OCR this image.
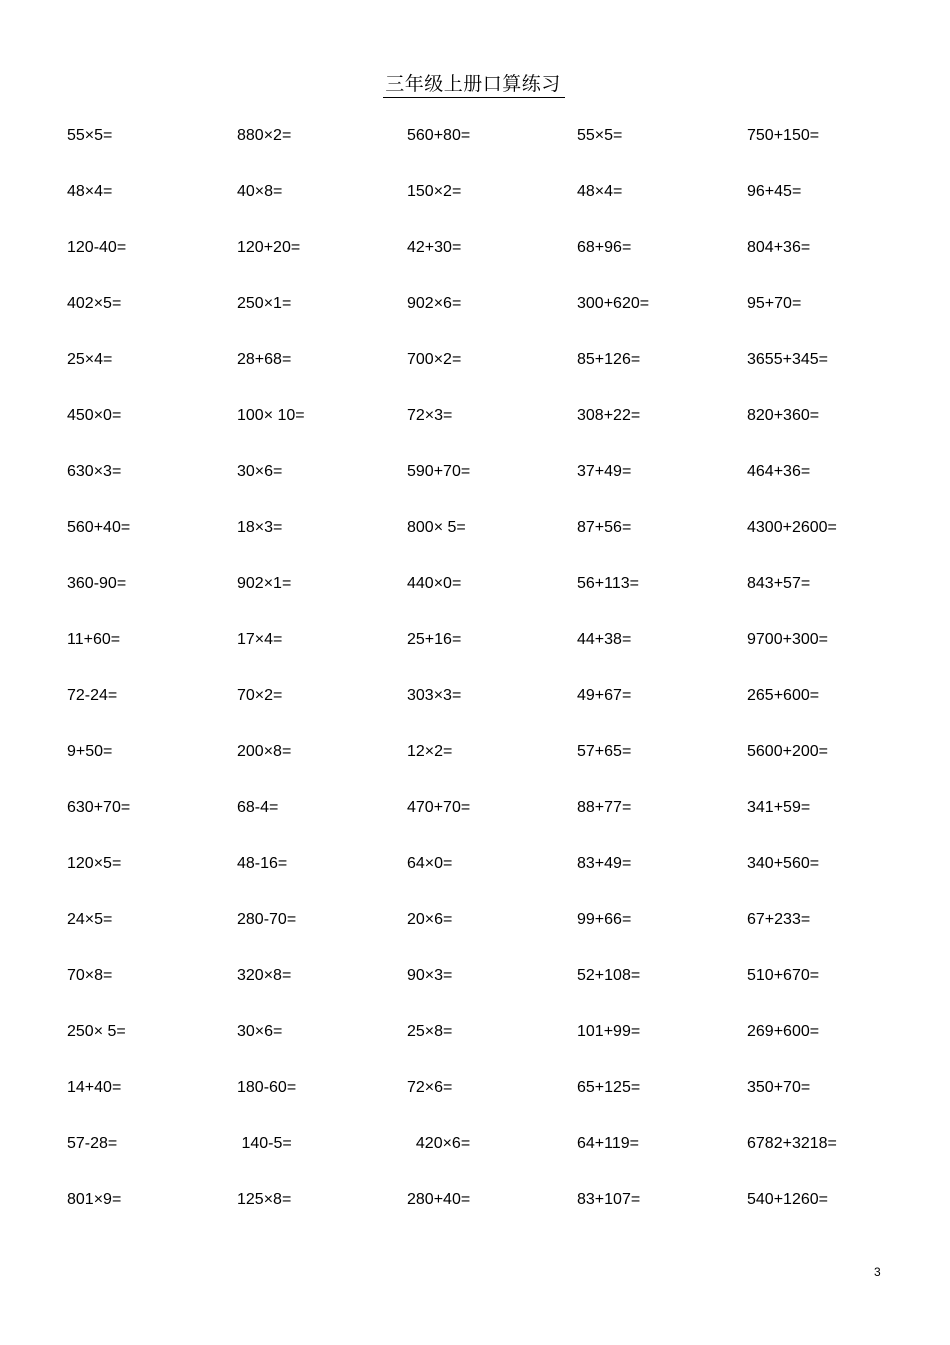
三年级上册口算练习
55×5=	880×2=	560+80=	55×5=	750+150=
48×4=	40×8=	150×2=	48×4=	96+45=
120-40=	120+20=	42+30=	68+96=	804+36=
402×5=	250×1=	902×6=	300+620=	95+70=
25×4=	28+68=	700×2=	85+126=	3655+345=
450×0=	100× 10=	72×3=	308+22=	820+360=
630×3=	30×6=	590+70=	37+49=	464+36=
560+40=	18×3=	800× 5=	87+56=	4300+2600=
360-90=	902×1=	440×0=	56+113=	843+57=
11+60=	17×4=	25+16=	44+38=	9700+300=
72-24=	70×2=	303×3=	49+67=	265+600=
9+50=	200×8=	12×2=	57+65=	5600+200=
630+70=	68-4=	470+70=	88+77=	341+59=
120×5=	48-16=	64×0=	83+49=	340+560=
24×5=	280-70=	20×6=	99+66=	67+233=
70×8=	320×8=	90×3=	52+108=	510+670=
250× 5=	30×6=	25×8=	101+99=	269+600=
14+40=	180-60=	72×6=	65+125=	350+70=
57-28=	140-5=	420×6=	64+119=	6782+3218=
801×9=	125×8=	280+40=	83+107=	540+1260=
3
